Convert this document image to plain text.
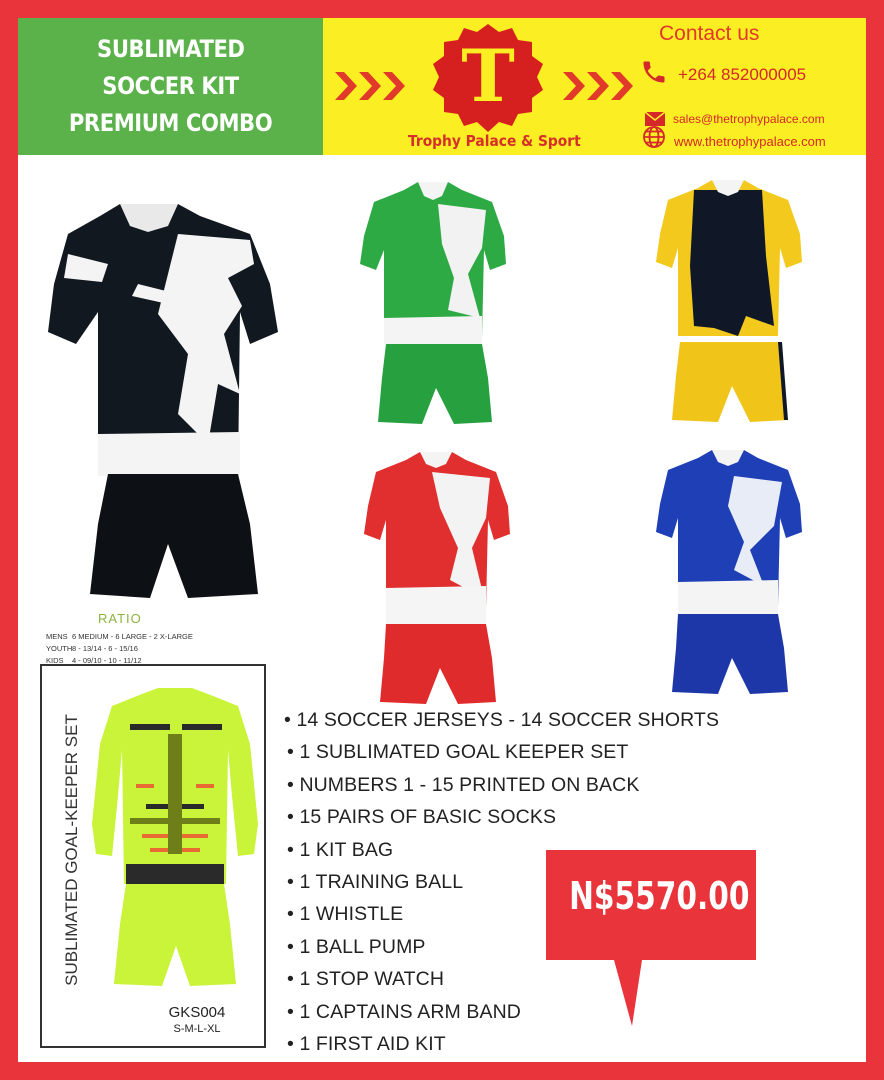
SUBLIMATED
SOCCER KIT
PREMIUM COMBO
T
Trophy Palace & Sport
Contact us
+264 852000005
sales@thetrophypalace.com
www.thetrophypalace.com
RATIO
MENS 6 MEDIUM - 6 LARGE - 2 X-LARGE
YOUTH8 - 13/14 - 6 - 15/16
KIDS 4 - 09/10 - 10 - 11/12
SUBLIMATED GOAL-KEEPER SET
GKS004
S-M-L-XL
• 14 SOCCER JERSEYS - 14 SOCCER SHORTS
• 1 SUBLIMATED GOAL KEEPER SET
• NUMBERS 1 - 15 PRINTED ON BACK
• 15 PAIRS OF BASIC SOCKS
• 1 KIT BAG
• 1 TRAINING BALL
• 1 WHISTLE
• 1 BALL PUMP
• 1 STOP WATCH
• 1 CAPTAINS ARM BAND
• 1 FIRST AID KIT
N$5570.00
